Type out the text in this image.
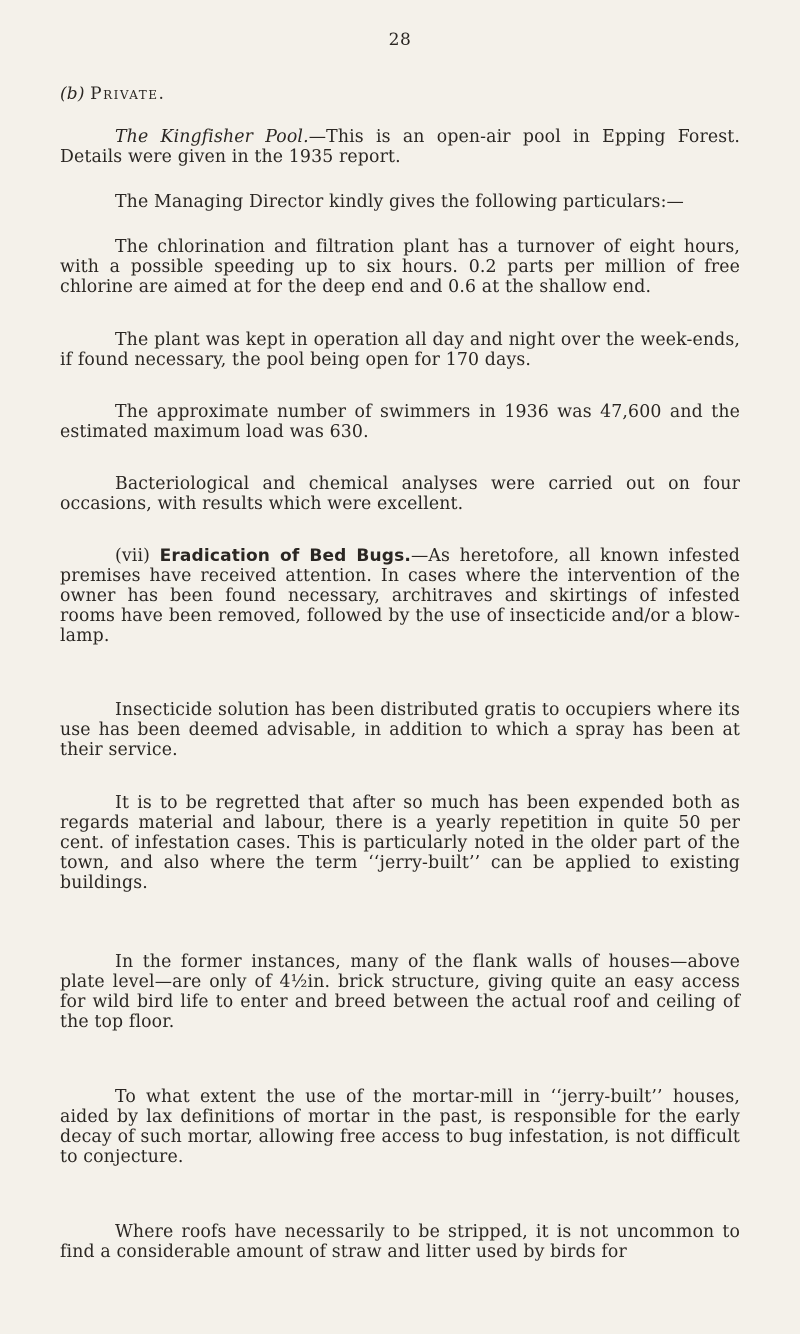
28
(b) Private.

The Kingfisher Pool.—This is an open-air pool in Epping Forest. Details were given in the 1935 report.

The Managing Director kindly gives the following particulars:—

The chlorination and filtration plant has a turnover of eight hours, with a possible speeding up to six hours. 0.2 parts per million of free chlorine are aimed at for the deep end and 0.6 at the shallow end.

The plant was kept in operation all day and night over the week-ends, if found necessary, the pool being open for 170 days.

The approximate number of swimmers in 1936 was 47,600 and the estimated maximum load was 630.

Bacteriological and chemical analyses were carried out on four occasions, with results which were excellent.

(vii) Eradication of Bed Bugs.—As heretofore, all known infested premises have received attention. In cases where the intervention of the owner has been found necessary, architraves and skirtings of infested rooms have been removed, followed by the use of insecticide and/or a blow-lamp.

Insecticide solution has been distributed gratis to occupiers where its use has been deemed advisable, in addition to which a spray has been at their service.

It is to be regretted that after so much has been expended both as regards material and labour, there is a yearly repetition in quite 50 per cent. of infestation cases. This is particularly noted in the older part of the town, and also where the term ‘‘jerry-built’’ can be applied to existing buildings.

In the former instances, many of the flank walls of houses—above plate level—are only of 4½in. brick structure, giving quite an easy access for wild bird life to enter and breed between the actual roof and ceiling of the top floor.

To what extent the use of the mortar-mill in ‘‘jerry-built’’ houses, aided by lax definitions of mortar in the past, is responsible for the early decay of such mortar, allowing free access to bug infestation, is not difficult to conjecture.

Where roofs have necessarily to be stripped, it is not uncommon to find a considerable amount of straw and litter used by birds for
